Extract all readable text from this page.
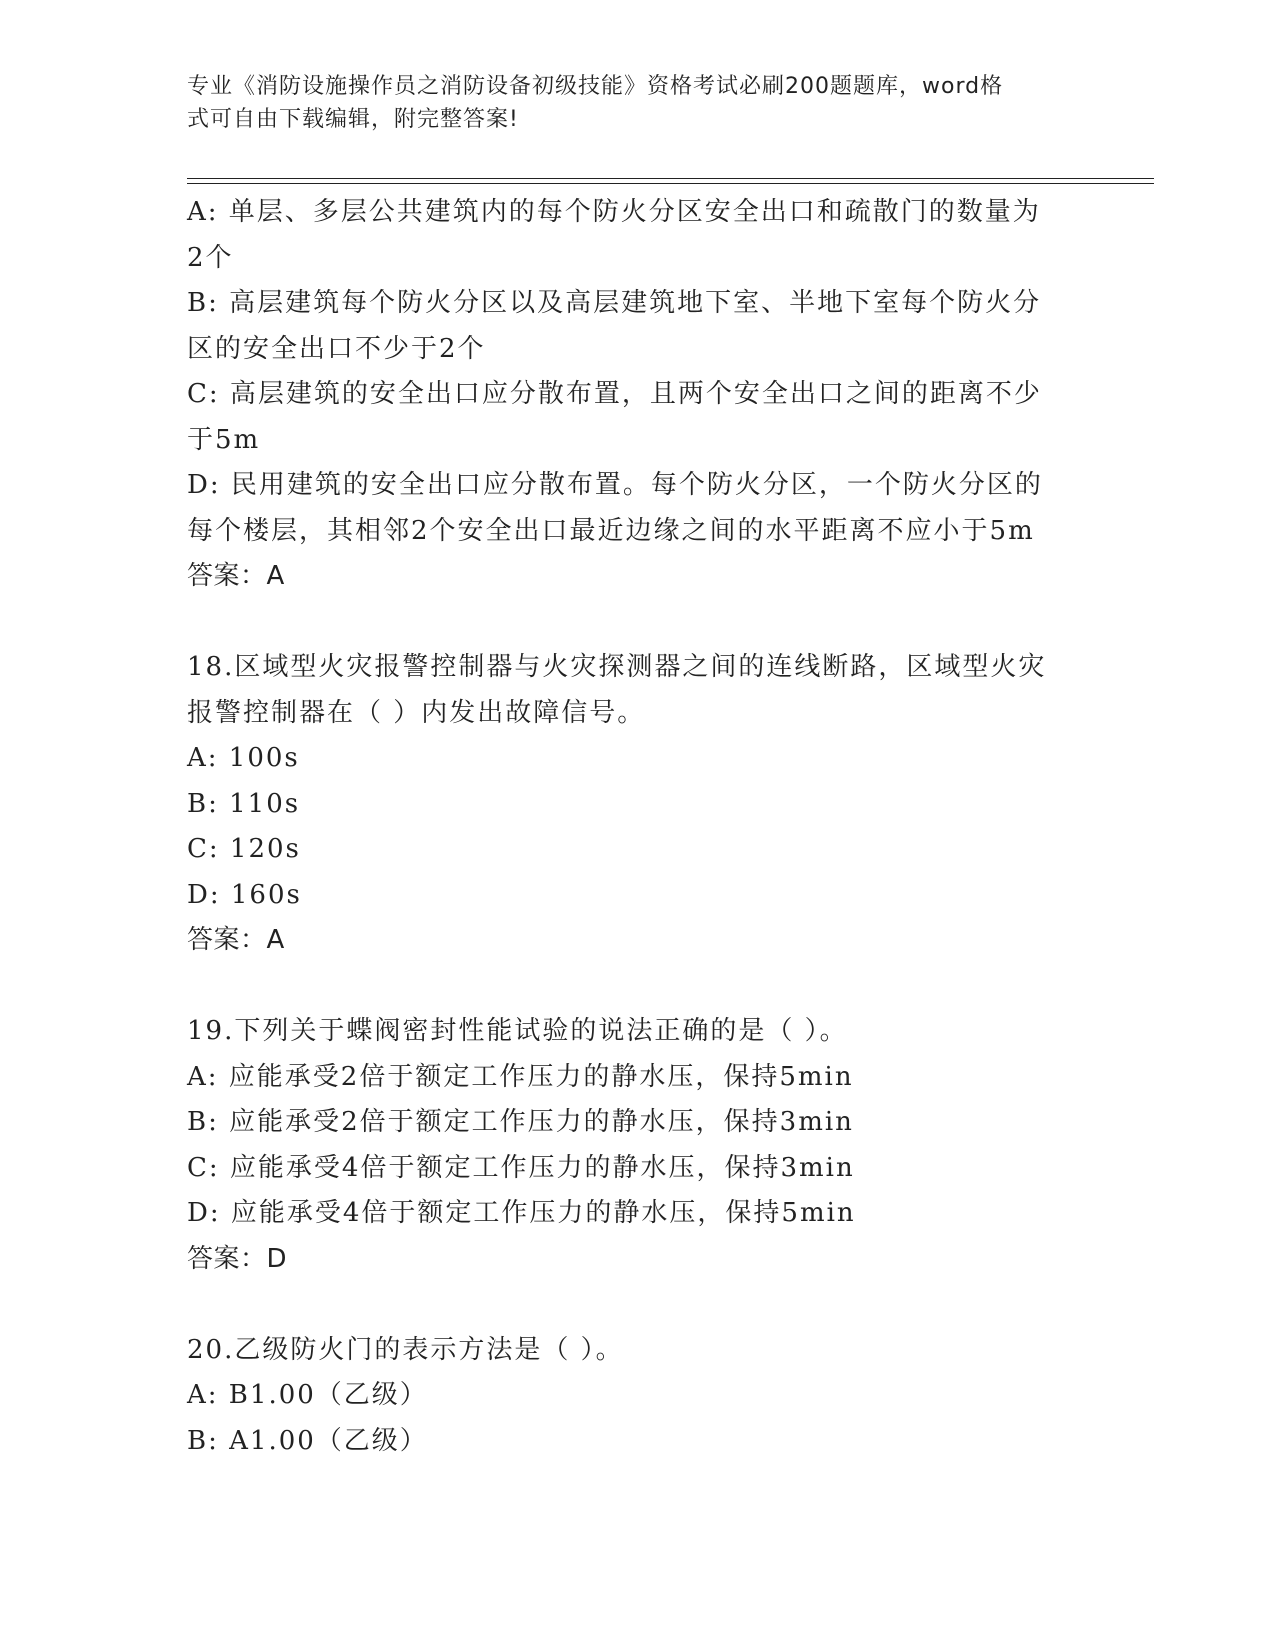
专业《消防设施操作员之消防设备初级技能》资格考试必刷200题题库，word格
式可自由下载编辑，附完整答案!
A: 单层、多层公共建筑内的每个防火分区安全出口和疏散门的数量为
2个
B: 高层建筑每个防火分区以及高层建筑地下室、半地下室每个防火分
区的安全出口不少于2个
C: 高层建筑的安全出口应分散布置，且两个安全出口之间的距离不少
于5m
D: 民用建筑的安全出口应分散布置。每个防火分区，一个防火分区的
每个楼层，其相邻2个安全出口最近边缘之间的水平距离不应小于5m
答案：A
18.区域型火灾报警控制器与火灾探测器之间的连线断路，区域型火灾
报警控制器在（ ）内发出故障信号。
A: 100s
B: 110s
C: 120s
D: 160s
答案：A
19.下列关于蝶阀密封性能试验的说法正确的是（ ）。
A: 应能承受2倍于额定工作压力的静水压，保持5min
B: 应能承受2倍于额定工作压力的静水压，保持3min
C: 应能承受4倍于额定工作压力的静水压，保持3min
D: 应能承受4倍于额定工作压力的静水压，保持5min
答案：D
20.乙级防火门的表示方法是（ ）。
A: B1.00（乙级）
B: A1.00（乙级）
